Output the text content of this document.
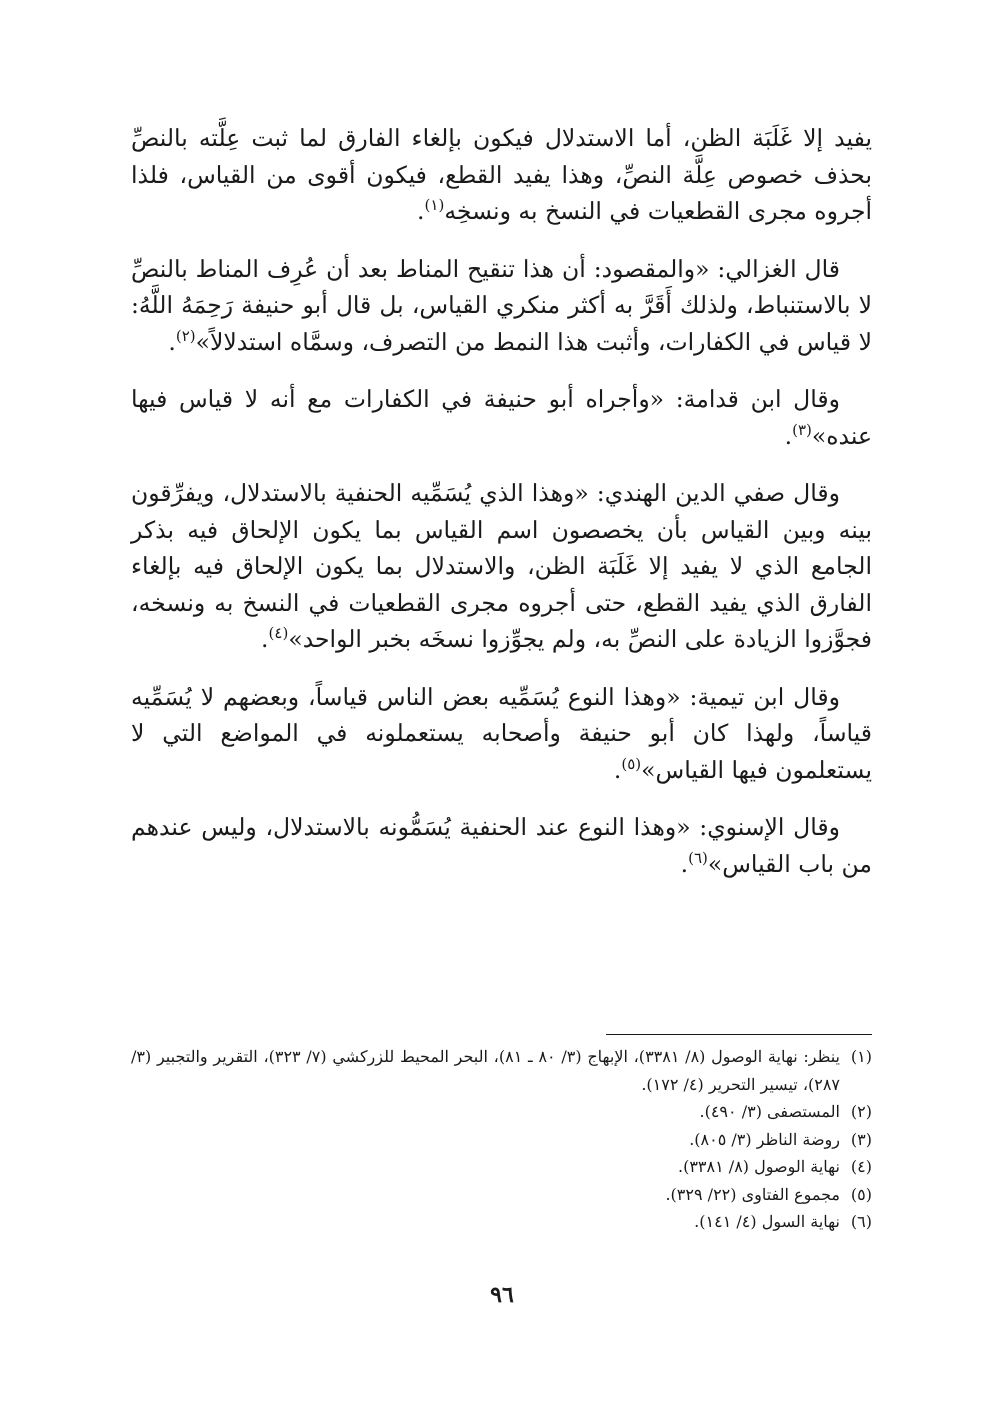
يفيد إلا غَلَبَة الظن، أما الاستدلال فيكون بإلغاء الفارق لما ثبت عِلَّته بالنصِّ بحذف خصوص عِلَّة النصِّ، وهذا يفيد القطع، فيكون أقوى من القياس، فلذا أجروه مجرى القطعيات في النسخ به ونسخِه$^{(١)}$.

قال الغزالي: «والمقصود: أن هذا تنقيح المناط بعد أن عُرِف المناط بالنصِّ لا بالاستنباط، ولذلك أَقَرَّ به أكثر منكري القياس، بل قال أبو حنيفة رَحِمَهُ اللَّهُ: لا قياس في الكفارات، وأثبت هذا النمط من التصرف، وسمَّاه استدلالاً»$^{(٢)}$.

وقال ابن قدامة: «وأجراه أبو حنيفة في الكفارات مع أنه لا قياس فيها عنده»$^{(٣)}$.

وقال صفي الدين الهندي: «وهذا الذي يُسَمِّيه الحنفية بالاستدلال، ويفرِّقون بينه وبين القياس بأن يخصصون اسم القياس بما يكون الإلحاق فيه بذكر الجامع الذي لا يفيد إلا غَلَبَة الظن، والاستدلال بما يكون الإلحاق فيه بإلغاء الفارق الذي يفيد القطع، حتى أجروه مجرى القطعيات في النسخ به ونسخه، فجوَّزوا الزيادة على النصِّ به، ولم يجوِّزوا نسخَه بخبر الواحد»$^{(٤)}$.

وقال ابن تيمية: «وهذا النوع يُسَمِّيه بعض الناس قياساً، وبعضهم لا يُسَمِّيه قياساً، ولهذا كان أبو حنيفة وأصحابه يستعملونه في المواضع التي لا يستعلمون فيها القياس»$^{(٥)}$.

وقال الإسنوي: «وهذا النوع عند الحنفية يُسَمُّونه بالاستدلال، وليس عندهم من باب القياس»$^{(٦)}$.

(١)
ينظر: نهاية الوصول (٨/ ٣٣٨١)، الإبهاج (٣/ ٨٠ ـ ٨١)، البحر المحيط للزركشي (٧/ ٣٢٣)، التقرير والتجبير (٣/ ٢٨٧)، تيسير التحرير (٤/ ١٧٢).
(٢)
المستصفى (٣/ ٤٩٠).
(٣)
روضة الناظر (٣/ ٨٠٥).
(٤)
نهاية الوصول (٨/ ٣٣٨١).
(٥)
مجموع الفتاوى (٢٢/ ٣٢٩).
(٦)
نهاية السول (٤/ ١٤١).
٩٦
